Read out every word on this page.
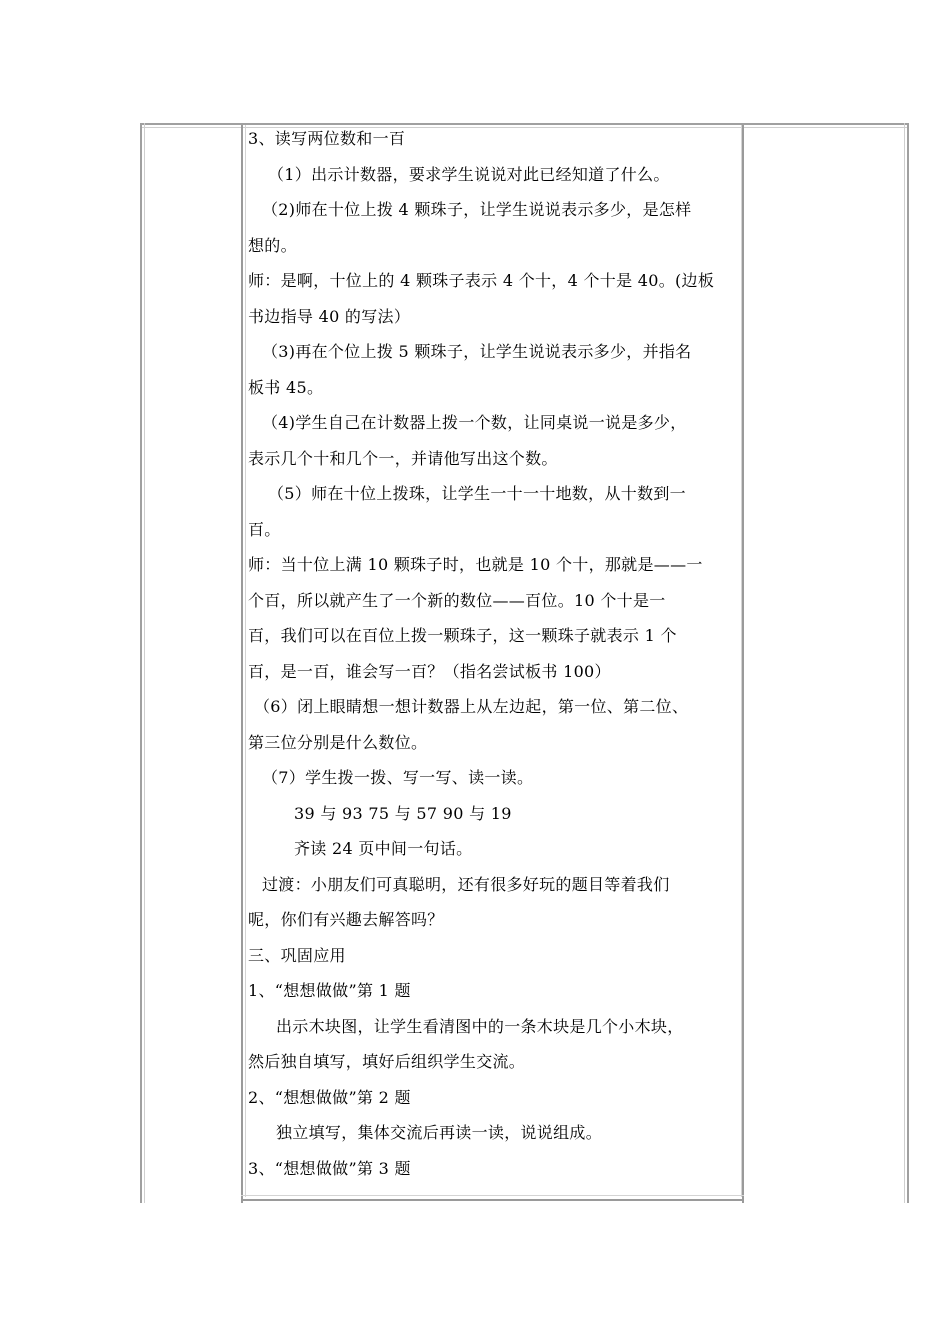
3、读写两位数和一百
（1）出示计数器，要求学生说说对此已经知道了什么。
（2)师在十位上拨 4 颗珠子，让学生说说表示多少，是怎样
想的。
师：是啊，十位上的 4 颗珠子表示 4 个十，4 个十是 40。(边板
书边指导 40 的写法）
（3)再在个位上拨 5 颗珠子，让学生说说表示多少，并指名
板书 45。
（4)学生自己在计数器上拨一个数，让同桌说一说是多少，
表示几个十和几个一，并请他写出这个数。
（5）师在十位上拨珠，让学生一十一十地数，从十数到一
百。
师：当十位上满 10 颗珠子时，也就是 10 个十，那就是——一
个百，所以就产生了一个新的数位——百位。10 个十是一
百，我们可以在百位上拨一颗珠子，这一颗珠子就表示 1 个
百，是一百，谁会写一百？（指名尝试板书 100）
（6）闭上眼睛想一想计数器上从左边起，第一位、第二位、
第三位分别是什么数位。
（7）学生拨一拨、写一写、读一读。
39 与 93 75 与 57 90 与 19
齐读 24 页中间一句话。
过渡：小朋友们可真聪明，还有很多好玩的题目等着我们
呢，你们有兴趣去解答吗？
三、巩固应用
1、“想想做做”第 1 题
出示木块图，让学生看清图中的一条木块是几个小木块，
然后独自填写，填好后组织学生交流。
2、“想想做做”第 2 题
独立填写，集体交流后再读一读，说说组成。
3、“想想做做”第 3 题
